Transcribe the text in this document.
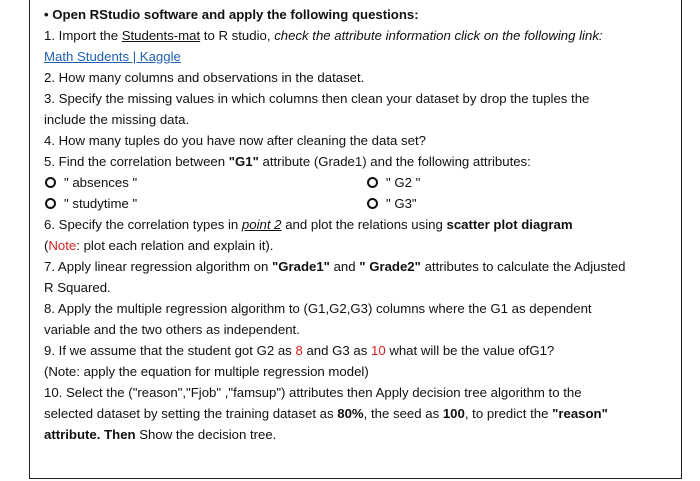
• Open RStudio software and apply the following questions:
1. Import the Students-mat to R studio, check the attribute information click on the following link:
Math Students | Kaggle
2. How many columns and observations in the dataset.
3. Specify the missing values in which columns then clean your dataset by drop the tuples the
include the missing data.
4. How many tuples do you have now after cleaning the data set?
5. Find the correlation between "G1" attribute (Grade1) and the following attributes:
" absences "	" G2 "
" studytime "	" G3"
6. Specify the correlation types in point 2 and plot the relations using scatter plot diagram
(Note: plot each relation and explain it).
7. Apply linear regression algorithm on "Grade1" and " Grade2" attributes to calculate the Adjusted
R Squared.
8. Apply the multiple regression algorithm to (G1,G2,G3) columns where the G1 as dependent
variable and the two others as independent.
9. If we assume that the student got G2 as 8 and G3 as 10 what will be the value ofG1?
(Note: apply the equation for multiple regression model)
10. Select the ("reason","Fjob" ,"famsup") attributes then Apply decision tree algorithm to the
selected dataset by setting the training dataset as 80%, the seed as 100, to predict the "reason"
attribute. Then Show the decision tree.
